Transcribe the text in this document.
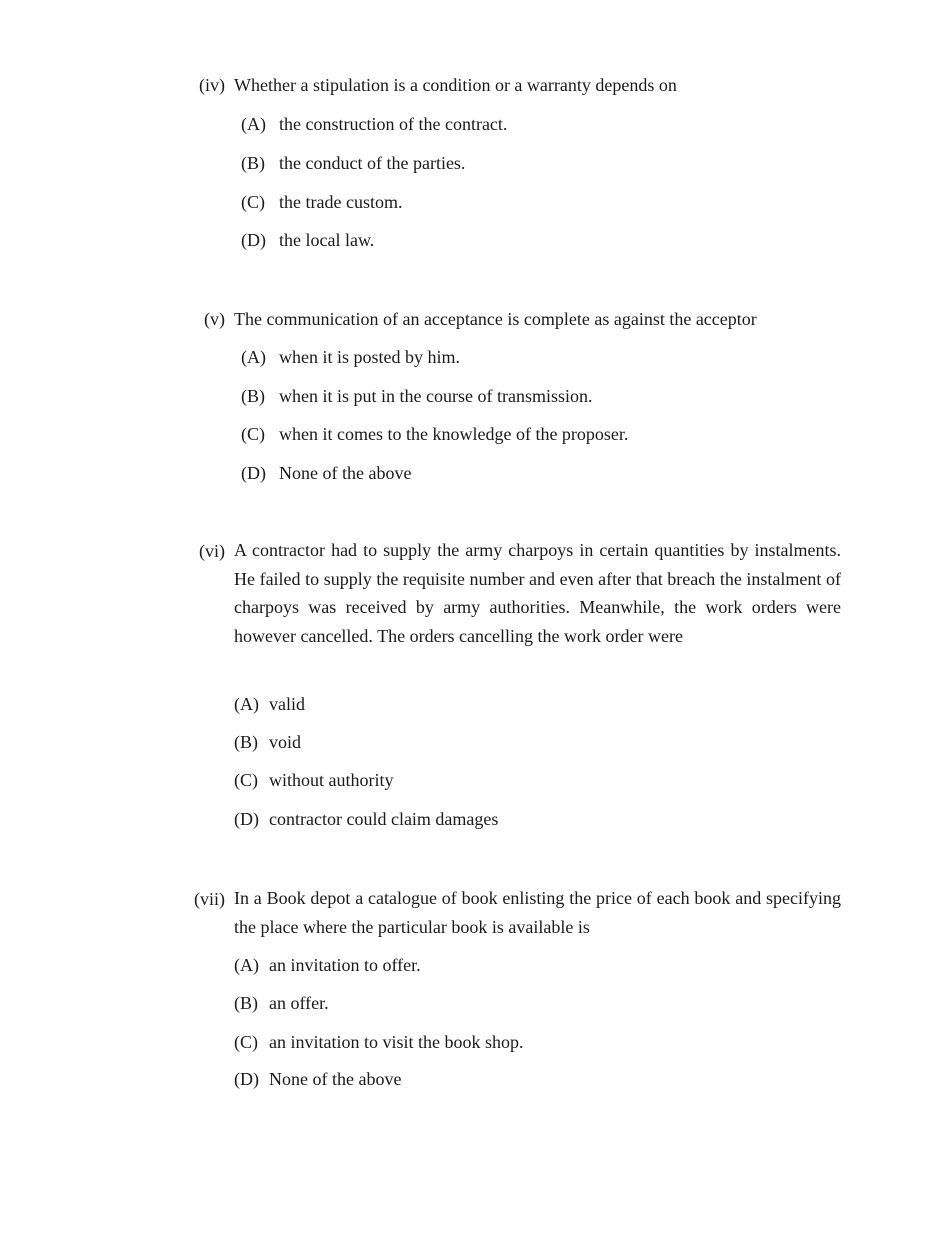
(iv) Whether a stipulation is a condition or a warranty depends on
(A) the construction of the contract.
(B) the conduct of the parties.
(C) the trade custom.
(D) the local law.
(v) The communication of an acceptance is complete as against the acceptor
(A) when it is posted by him.
(B) when it is put in the course of transmission.
(C) when it comes to the knowledge of the proposer.
(D) None of the above
(vi) A contractor had to supply the army charpoys in certain quantities by instalments. He failed to supply the requisite number and even after that breach the instalment of charpoys was received by army authorities. Meanwhile, the work orders were however cancelled. The orders cancelling the work order were
(A) valid
(B) void
(C) without authority
(D) contractor could claim damages
(vii) In a Book depot a catalogue of book enlisting the price of each book and specifying the place where the particular book is available is
(A) an invitation to offer.
(B) an offer.
(C) an invitation to visit the book shop.
(D) None of the above
